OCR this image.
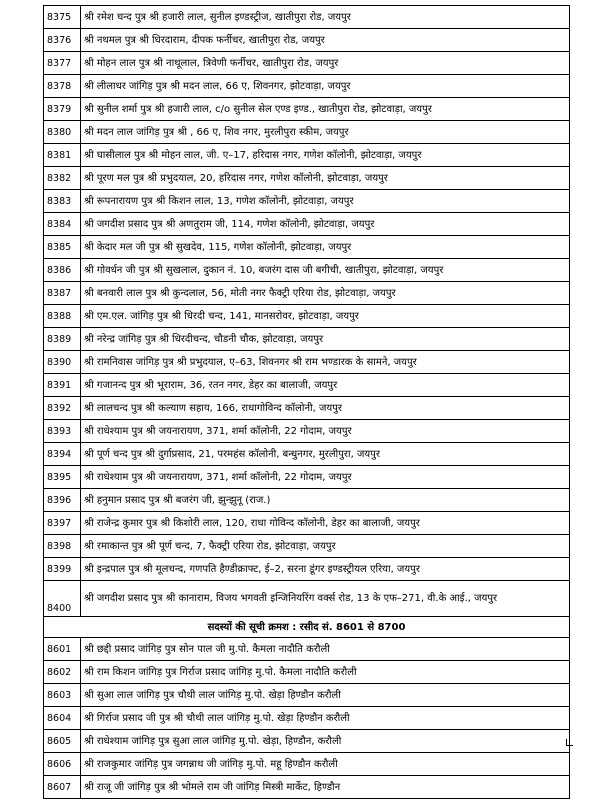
8375	श्री रमेश चन्द पुत्र श्री हजारी लाल, सुनील इण्डस्ट्रीज, खातीपुरा रोड, जयपुर
8376	श्री नथमल पुत्र श्री धिरदाराम, दीपक फर्नीचर, खातीपुरा रोड, जयपुर
8377	श्री मोहन लाल पुत्र श्री नाथूलाल, त्रिवेणी फर्नीचर, खातीपुरा रोड, जयपुर
8378	श्री लीलाधर जांगिड़ पुत्र श्री मदन लाल, 66 ए, शिवनगर, झोटवाड़ा, जयपुर
8379	श्री सुनील शर्मा पुत्र श्री हजारी लाल, c/o सुनील सेल एण्ड इण्ड., खातीपुरा रोड, झोटवाड़ा, जयपुर
8380	श्री मदन लाल जांगिड़ पुत्र श्री , 66 ए, शिव नगर, मुरलीपुरा स्कीम, जयपुर
8381	श्री घासीलाल पुत्र श्री मोहन लाल, जी. ए–17, हरिदास नगर, गणेश कॉलोनी, झोटवाड़ा, जयपुर
8382	श्री पूरण मल पुत्र श्री प्रभुदयाल, 20, हरिदास नगर, गणेश कॉलोनी, झोटवाड़ा, जयपुर
8383	श्री रूपनारायण पुत्र श्री किशन लाल, 13, गणेश कॉलोनी, झोटवाड़ा, जयपुर
8384	श्री जगदीश प्रसाद पुत्र श्री अणतुराम जी, 114, गणेश कॉलोनी, झोटवाड़ा, जयपुर
8385	श्री केदार मल जी पुत्र श्री सुखदेव, 115, गणेश कॉलोनी, झोटवाड़ा, जयपुर
8386	श्री गोवर्धन जी पुत्र श्री सुखलाल, दुकान नं. 10, बजरंग दास जी बगीची, खातीपुरा, झोटवाड़ा, जयपुर
8387	श्री बनवारी लाल पुत्र श्री कुन्दलाल, 56, मोती नगर फैक्ट्री एरिया रोड, झोटवाड़ा, जयपुर
8388	श्री एम.एल. जांगिड़ पुत्र श्री धिरदी चन्द, 141, मानसरोवर, झोटवाड़ा, जयपुर
8389	श्री नरेन्द्र जांगिड़ पुत्र श्री धिरदीचन्द, चौडनी चौक, झोटवाड़ा, जयपुर
8390	श्री रामनिवास जांगिड़ पुत्र श्री प्रभुदयाल, ए–63, शिवनगर श्री राम भण्डारक के सामने, जयपुर
8391	श्री गजानन्द पुत्र श्री भूराराम, 36, रतन नगर, डेहर का बालाजी, जयपुर
8392	श्री लालचन्द पुत्र श्री कल्याण सहाय, 166, राधागोविन्द कॉलोनी, जयपुर
8393	श्री राधेश्याम पुत्र श्री जयनारायण, 371, शर्मा कॉलोनी, 22 गोदाम, जयपुर
8394	श्री पूर्ण चन्द पुत्र श्री दुर्गाप्रसाद, 21, परमहंस कॉलोनी, बन्धुनगर, मुरलीपुरा, जयपुर
8395	श्री राधेश्याम पुत्र श्री जयनारायण, 371, शर्मा कॉलोनी, 22 गोदाम, जयपुर
8396	श्री हनुमान प्रसाद पुत्र श्री बजरंग जी, झुन्झुनू (राज.)
8397	श्री राजेन्द्र कुमार पुत्र श्री किशोरी लाल, 120, राधा गोविन्द कॉलोनी, डेहर का बालाजी, जयपुर
8398	श्री रमाकान्त पुत्र श्री पूर्ण चन्द, 7, फैक्ट्री एरिया रोड, झोटवाड़ा, जयपुर
8399	श्री इन्द्रपाल पुत्र श्री मूलचन्द, गणपति हैण्डीक्राफ्ट, ई–2, सरना डूंगर इण्डस्ट्रीयल एरिया, जयपुर
8400	श्री जगदीश प्रसाद पुत्र श्री कानाराम, विजय भगवती इन्जिनियरिंग वर्क्स रोड, 13 के एफ–271, वी.के आई., जयपुर
सदस्यों की सूची क्रमश : रसीद सं. 8601 से 8700	
8601	श्री छद्दी प्रसाद जांगिड़ पुत्र सोन पाल जी मु.पो. कैमला नादौति करौली
8602	श्री राम किशन जांगिड़ पुत्र गिर्राज प्रसाद जांगिड़ मु.पो. कैमला नादौति करौली
8603	श्री सुआ लाल जांगिड़ पुत्र चौथी लाल जांगिड़ मु.पो. खेड़ा हिण्डौन करौली
8604	श्री गिर्राज प्रसाद जी पुत्र श्री चौथी लाल जांगिड़ मु.पो. खेड़ा हिण्डौन करौली
8605	श्री राधेश्याम जांगिड़ पुत्र सुआ लाल जांगिड़ मु.पो. खेड़ा, हिण्डौन, करौली
8606	श्री राजकुमार जांगिड़ पुत्र जगन्नाथ जी जांगिड़ मु.पो. महू हिण्डौन करौली
8607	श्री राजू जी जांगिड़ पुत्र श्री भोमले राम जी जांगिड़ मिस्त्री मार्केट, हिण्डौन
